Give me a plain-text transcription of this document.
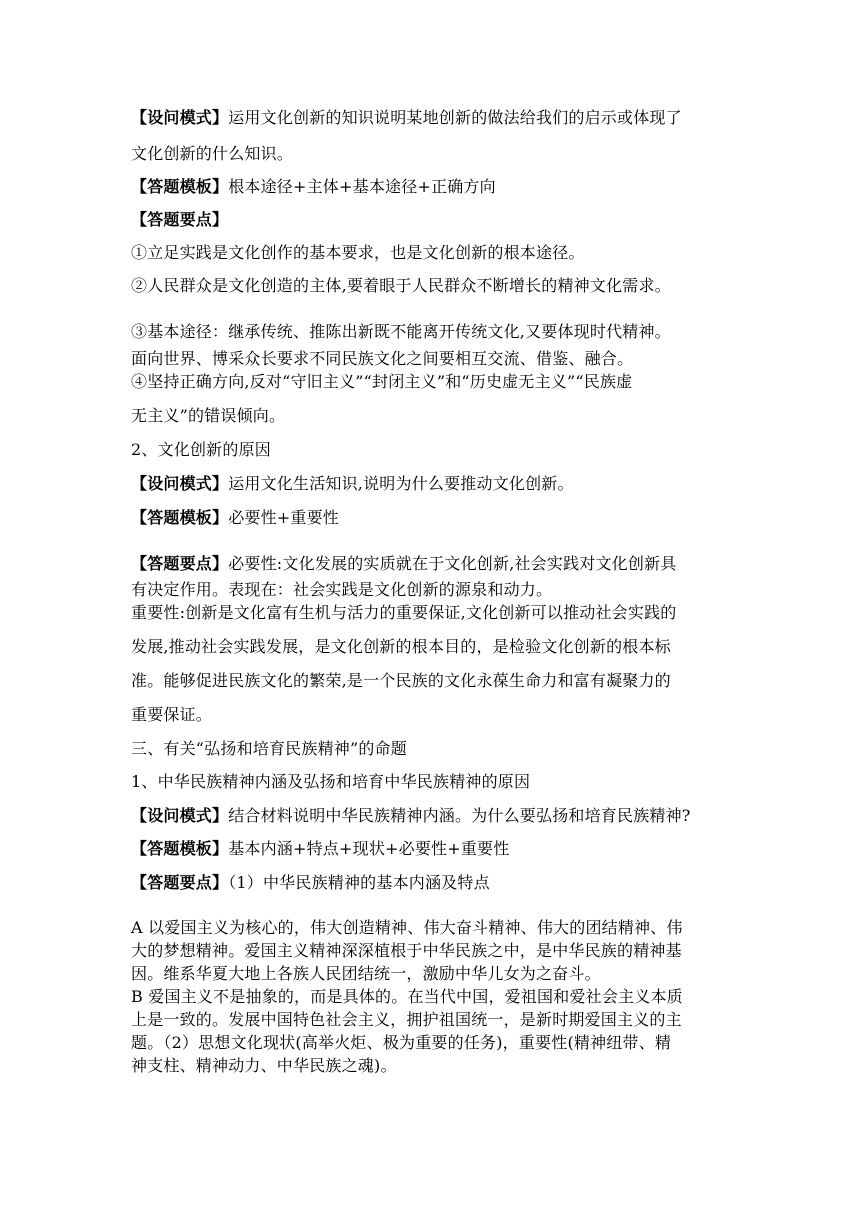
【设问模式】运用文化创新的知识说明某地创新的做法给我们的启示或体现了
文化创新的什么知识。
【答题模板】根本途径+主体+基本途径+正确方向
【答题要点】
①立足实践是文化创作的基本要求，也是文化创新的根本途径。
②人民群众是文化创造的主体,要着眼于人民群众不断增长的精神文化需求。
③基本途径：继承传统、推陈出新既不能离开传统文化,又要体现时代精神。
面向世界、博采众长要求不同民族文化之间要相互交流、借鉴、融合。
④坚持正确方向,反对“守旧主义”“封闭主义”和“历史虚无主义”“民族虚
无主义”的错误倾向。
2、文化创新的原因
【设问模式】运用文化生活知识,说明为什么要推动文化创新。
【答题模板】必要性+重要性
【答题要点】必要性:文化发展的实质就在于文化创新,社会实践对文化创新具
有决定作用。表现在：社会实践是文化创新的源泉和动力。
重要性:创新是文化富有生机与活力的重要保证,文化创新可以推动社会实践的
发展,推动社会实践发展，是文化创新的根本目的，是检验文化创新的根本标
准。能够促进民族文化的繁荣,是一个民族的文化永葆生命力和富有凝聚力的
重要保证。
三、有关“弘扬和培育民族精神”的命题
1、中华民族精神内涵及弘扬和培育中华民族精神的原因
【设问模式】结合材料说明中华民族精神内涵。为什么要弘扬和培育民族精神?
【答题模板】基本内涵+特点+现状+必要性+重要性
【答题要点】（1）中华民族精神的基本内涵及特点
A 以爱国主义为核心的，伟大创造精神、伟大奋斗精神、伟大的团结精神、伟
大的梦想精神。爱国主义精神深深植根于中华民族之中，是中华民族的精神基
因。维系华夏大地上各族人民团结统一，激励中华儿女为之奋斗。
B 爱国主义不是抽象的，而是具体的。在当代中国，爱祖国和爱社会主义本质
上是一致的。发展中国特色社会主义，拥护祖国统一，是新时期爱国主义的主
题。（2）思想文化现状(高举火炬、极为重要的任务)，重要性(精神纽带、精
神支柱、精神动力、中华民族之魂)。
